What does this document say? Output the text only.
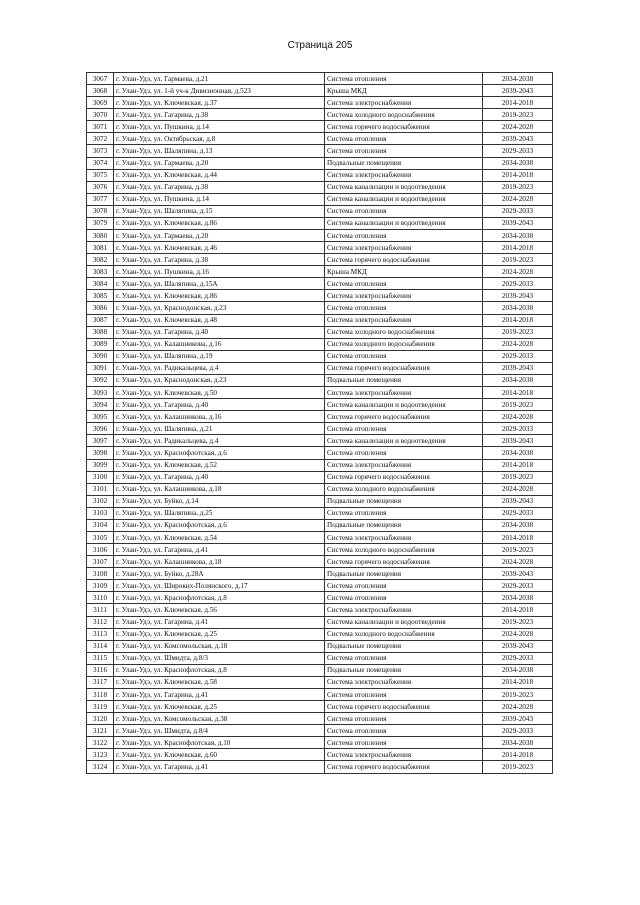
Страница 205
3067	г. Улан-Удэ, ул. Гармаева, д.21	Система отопления	2034-2038
3068	г. Улан-Удэ, ул. 1-й уч-к Дивизионная, д.523	Крыша МКД	2039-2043
3069	г. Улан-Удэ, ул. Ключевская, д.37	Система электроснабжения	2014-2018
3070	г. Улан-Удэ, ул. Гагарина, д.38	Система холодного водоснабжения	2019-2023
3071	г. Улан-Удэ, ул. Пушкина, д.14	Система горячего водоснабжения	2024-2028
3072	г. Улан-Удэ, ул. Октябрьская, д.8	Система отопления	2039-2043
3073	г. Улан-Удэ, ул. Шаляпина, д.13	Система отопления	2029-2033
3074	г. Улан-Удэ, ул. Гармаева, д.20	Подвальные помещения	2034-2038
3075	г. Улан-Удэ, ул. Ключевская, д.44	Система электроснабжения	2014-2018
3076	г. Улан-Удэ, ул. Гагарина, д.38	Система канализации и водоотведения	2019-2023
3077	г. Улан-Удэ, ул. Пушкина, д.14	Система канализации и водоотведения	2024-2028
3078	г. Улан-Удэ, ул. Шаляпина, д.15	Система отопления	2029-2033
3079	г. Улан-Удэ, ул. Ключевская, д.86	Система канализации и водоотведения	2039-2043
3080	г. Улан-Удэ, ул. Гармаева, д.20	Система отопления	2034-2038
3081	г. Улан-Удэ, ул. Ключевская, д.46	Система электроснабжения	2014-2018
3082	г. Улан-Удэ, ул. Гагарина, д.38	Система горячего водоснабжения	2019-2023
3083	г. Улан-Удэ, ул. Пушкина, д.16	Крыша МКД	2024-2028
3084	г. Улан-Удэ, ул. Шаляпина, д.15А	Система отопления	2029-2033
3085	г. Улан-Удэ, ул. Ключевская, д.86	Система электроснабжения	2039-2043
3086	г. Улан-Удэ, ул. Краснодонская, д.23	Система отопления	2034-2038
3087	г. Улан-Удэ, ул. Ключевская, д.48	Система электроснабжения	2014-2018
3088	г. Улан-Удэ, ул. Гагарина, д.40	Система холодного водоснабжения	2019-2023
3089	г. Улан-Удэ, ул. Калашникова, д.16	Система холодного водоснабжения	2024-2028
3090	г. Улан-Удэ, ул. Шаляпина, д.19	Система отопления	2029-2033
3091	г. Улан-Удэ, ул. Радикальцева, д.4	Система горячего водоснабжения	2039-2043
3092	г. Улан-Удэ, ул. Краснодонская, д.23	Подвальные помещения	2034-2038
3093	г. Улан-Удэ, ул. Ключевская, д.50	Система электроснабжения	2014-2018
3094	г. Улан-Удэ, ул. Гагарина, д.40	Система канализации и водоотведения	2019-2023
3095	г. Улан-Удэ, ул. Калашникова, д.16	Система горячего водоснабжения	2024-2028
3096	г. Улан-Удэ, ул. Шаляпина, д.21	Система отопления	2029-2033
3097	г. Улан-Удэ, ул. Радикальцева, д.4	Система канализации и водоотведения	2039-2043
3098	г. Улан-Удэ, ул. Краснофлотская, д.6	Система отопления	2034-2038
3099	г. Улан-Удэ, ул. Ключевская, д.52	Система электроснабжения	2014-2018
3100	г. Улан-Удэ, ул. Гагарина, д.40	Система горячего водоснабжения	2019-2023
3101	г. Улан-Удэ, ул. Калашникова, д.18	Система холодного водоснабжения	2024-2028
3102	г. Улан-Удэ, ул. Буйко, д.14	Подвальные помещения	2039-2043
3103	г. Улан-Удэ, ул. Шаляпина, д.25	Система отопления	2029-2033
3104	г. Улан-Удэ, ул. Краснофлотская, д.6	Подвальные помещения	2034-2038
3105	г. Улан-Удэ, ул. Ключевская, д.54	Система электроснабжения	2014-2018
3106	г. Улан-Удэ, ул. Гагарина, д.41	Система холодного водоснабжения	2019-2023
3107	г. Улан-Удэ, ул. Калашникова, д.18	Система горячего водоснабжения	2024-2028
3108	г. Улан-Удэ, ул. Буйко, д.28А	Подвальные помещения	2039-2043
3109	г. Улан-Удэ, ул. Широких-Полянского, д.17	Система отопления	2029-2033
3110	г. Улан-Удэ, ул. Краснофлотская, д.8	Система отопления	2034-2038
3111	г. Улан-Удэ, ул. Ключевская, д.56	Система электроснабжения	2014-2018
3112	г. Улан-Удэ, ул. Гагарина, д.41	Система канализации и водоотведения	2019-2023
3113	г. Улан-Удэ, ул. Ключевская, д.25	Система холодного водоснабжения	2024-2028
3114	г. Улан-Удэ, ул. Комсомольская, д.18	Подвальные помещения	2039-2043
3115	г. Улан-Удэ, ул. Шмидта, д.8/3	Система отопления	2029-2033
3116	г. Улан-Удэ, ул. Краснофлотская, д.8	Подвальные помещения	2034-2038
3117	г. Улан-Удэ, ул. Ключевская, д.58	Система электроснабжения	2014-2018
3118	г. Улан-Удэ, ул. Гагарина, д.41	Система отопления	2019-2023
3119	г. Улан-Удэ, ул. Ключевская, д.25	Система горячего водоснабжения	2024-2028
3120	г. Улан-Удэ, ул. Комсомольская, д.38	Система отопления	2039-2043
3121	г. Улан-Удэ, ул. Шмидта, д.8/4	Система отопления	2029-2033
3122	г. Улан-Удэ, ул. Краснофлотская, д.10	Система отопления	2034-2038
3123	г. Улан-Удэ, ул. Ключевская, д.60	Система электроснабжения	2014-2018
3124	г. Улан-Удэ, ул. Гагарина, д.41	Система горячего водоснабжения	2019-2023
